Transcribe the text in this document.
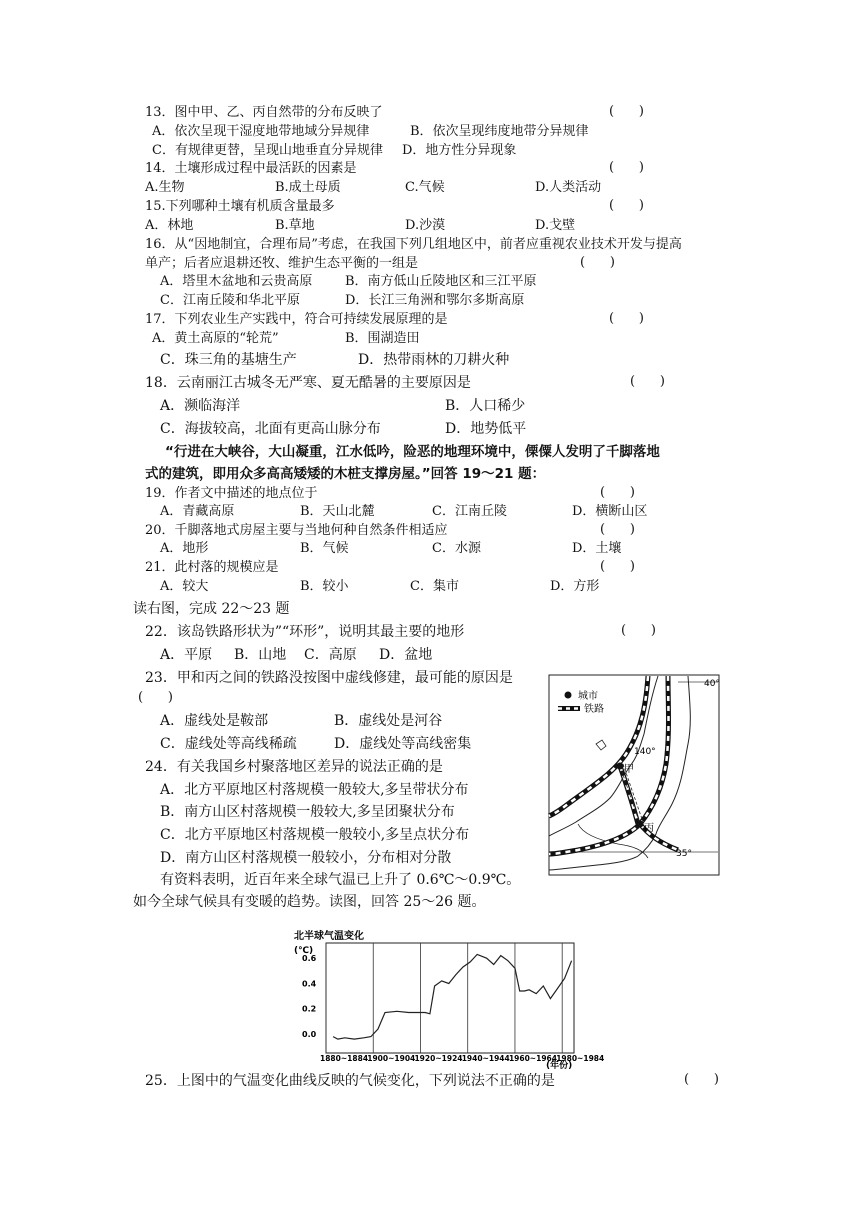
13．图中甲、乙、丙自然带的分布反映了	(      )
A．依次呈现干湿度地带地域分异规律	B．依次呈现纬度地带分异规律
C．有规律更替，呈现山地垂直分异规律 D．地方性分异现象
14．土壤形成过程中最活跃的因素是	(      )
A.生物	B.成土母质	C.气候	D.人类活动
15.下列哪种土壤有机质含量最多	(      )
A．林地	B.草地	D.沙漠	D.戈壁
16．从“因地制宜，合理布局”考虑，在我国下列几组地区中，前者应重视农业技术开发与提高
单产；后者应退耕还牧、维护生态平衡的一组是	(      )
A．塔里木盆地和云贵高原	B．南方低山丘陵地区和三江平原
C．江南丘陵和华北平原	D．长江三角洲和鄂尔多斯高原
17．下列农业生产实践中，符合可持续发展原理的是	(      )
A．黄土高原的“轮荒”	B．围湖造田
C．珠三角的基塘生产	D．热带雨林的刀耕火种
18．云南丽江古城冬无严寒、夏无酷暑的主要原因是	(      )
A．濒临海洋	B．人口稀少
C．海拔较高，北面有更高山脉分布	D．地势低平
“行进在大峡谷，大山凝重，江水低吟，险恶的地理环境中，傈僳人发明了千脚落地
式的建筑，即用众多高高矮矮的木桩支撑房屋。”回答 19～21 题：
19．作者文中描述的地点位于	(      )
A．青藏高原	B．天山北麓	C．江南丘陵	D．横断山区
20．千脚落地式房屋主要与当地何种自然条件相适应	(      )
A．地形	B．气候	C．水源	D．土壤
21．此村落的规模应是	(      )
A．较大	B．较小	C．集市	D．方形
读右图，完成 22～23 题
22．该岛铁路形状为”“环形”，说明其最主要的地形	(      )
A．平原 B．山地 C．高原 D．盆地
23．甲和丙之间的铁路没按图中虚线修建，最可能的原因是
(      )
A．虚线处是鞍部	B．虚线处是河谷
C．虚线处等高线稀疏	D．虚线处等高线密集
24．有关我国乡村聚落地区差异的说法正确的是
A．北方平原地区村落规模一般较大,多呈带状分布
B．南方山区村落规模一般较大,多呈团聚状分布
C．北方平原地区村落规模一般较小,多呈点状分布
D．南方山区村落规模一般较小，分布相对分散
40°
35°
甲
丙
140°
城市
铁路
有资料表明，近百年来全球气温已上升了 0.6℃～0.9℃。
如今全球气候具有变暖的趋势。读图，回答 25～26 题。
北半球气温变化
(℃)
(年份)
0.0
0.2
0.4
0.6
1880~1884 1900~1904 1920~1924 1940~1944 1960~1964 1980~1984
25．上图中的气温变化曲线反映的气候变化，下列说法不正确的是	(      )
